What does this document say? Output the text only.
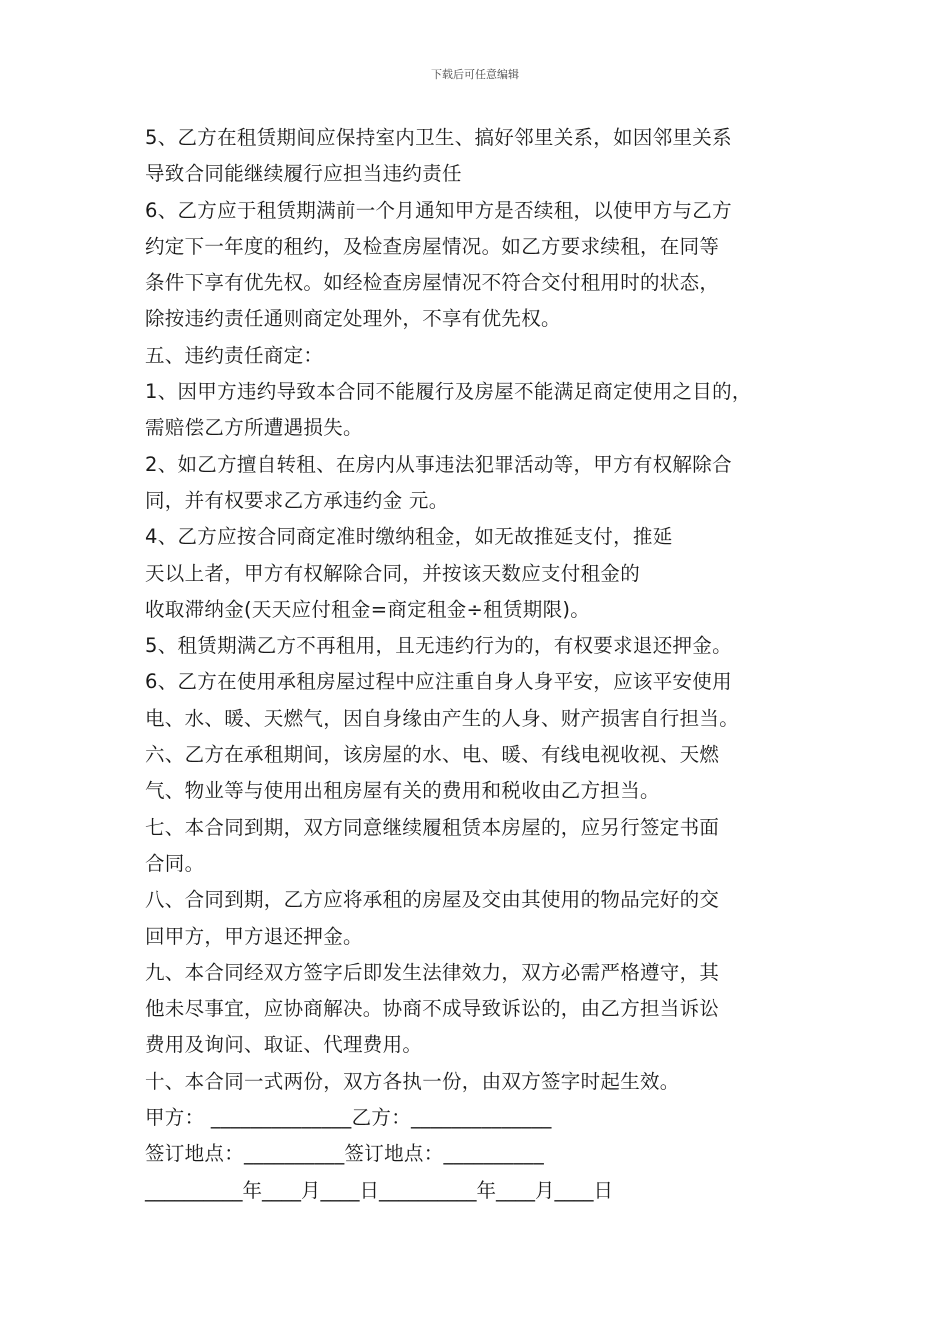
下载后可任意编辑
5、乙方在租赁期间应保持室内卫生、搞好邻里关系，如因邻里关系
导致合同能继续履行应担当违约责任
6、乙方应于租赁期满前一个月通知甲方是否续租，以使甲方与乙方
约定下一年度的租约，及检查房屋情况。如乙方要求续租，在同等
条件下享有优先权。如经检查房屋情况不符合交付租用时的状态，
除按违约责任通则商定处理外，不享有优先权。
五、违约责任商定：
1、因甲方违约导致本合同不能履行及房屋不能满足商定使用之目的，
需赔偿乙方所遭遇损失。
2、如乙方擅自转租、在房内从事违法犯罪活动等，甲方有权解除合
同，并有权要求乙方承违约金 元。
4、乙方应按合同商定准时缴纳租金，如无故推延支付，推延
天以上者，甲方有权解除合同，并按该天数应支付租金的
收取滞纳金(天天应付租金=商定租金÷租赁期限)。
5、租赁期满乙方不再租用，且无违约行为的，有权要求退还押金。
6、乙方在使用承租房屋过程中应注重自身人身平安，应该平安使用
电、水、暖、天燃气，因自身缘由产生的人身、财产损害自行担当。
六、乙方在承租期间，该房屋的水、电、暖、有线电视收视、天燃
气、物业等与使用出租房屋有关的费用和税收由乙方担当。
七、本合同到期，双方同意继续履租赁本房屋的，应另行签定书面
合同。
八、合同到期，乙方应将承租的房屋及交由其使用的物品完好的交
回甲方，甲方退还押金。
九、本合同经双方签字后即发生法律效力，双方必需严格遵守，其
他未尽事宜，应协商解决。协商不成导致诉讼的，由乙方担当诉讼
费用及询问、取证、代理费用。
十、本合同一式两份，双方各执一份，由双方签字时起生效。
甲方： ______________乙方：______________
签订地点：__________签订地点：__________
__________年____月____日__________年____月____日
